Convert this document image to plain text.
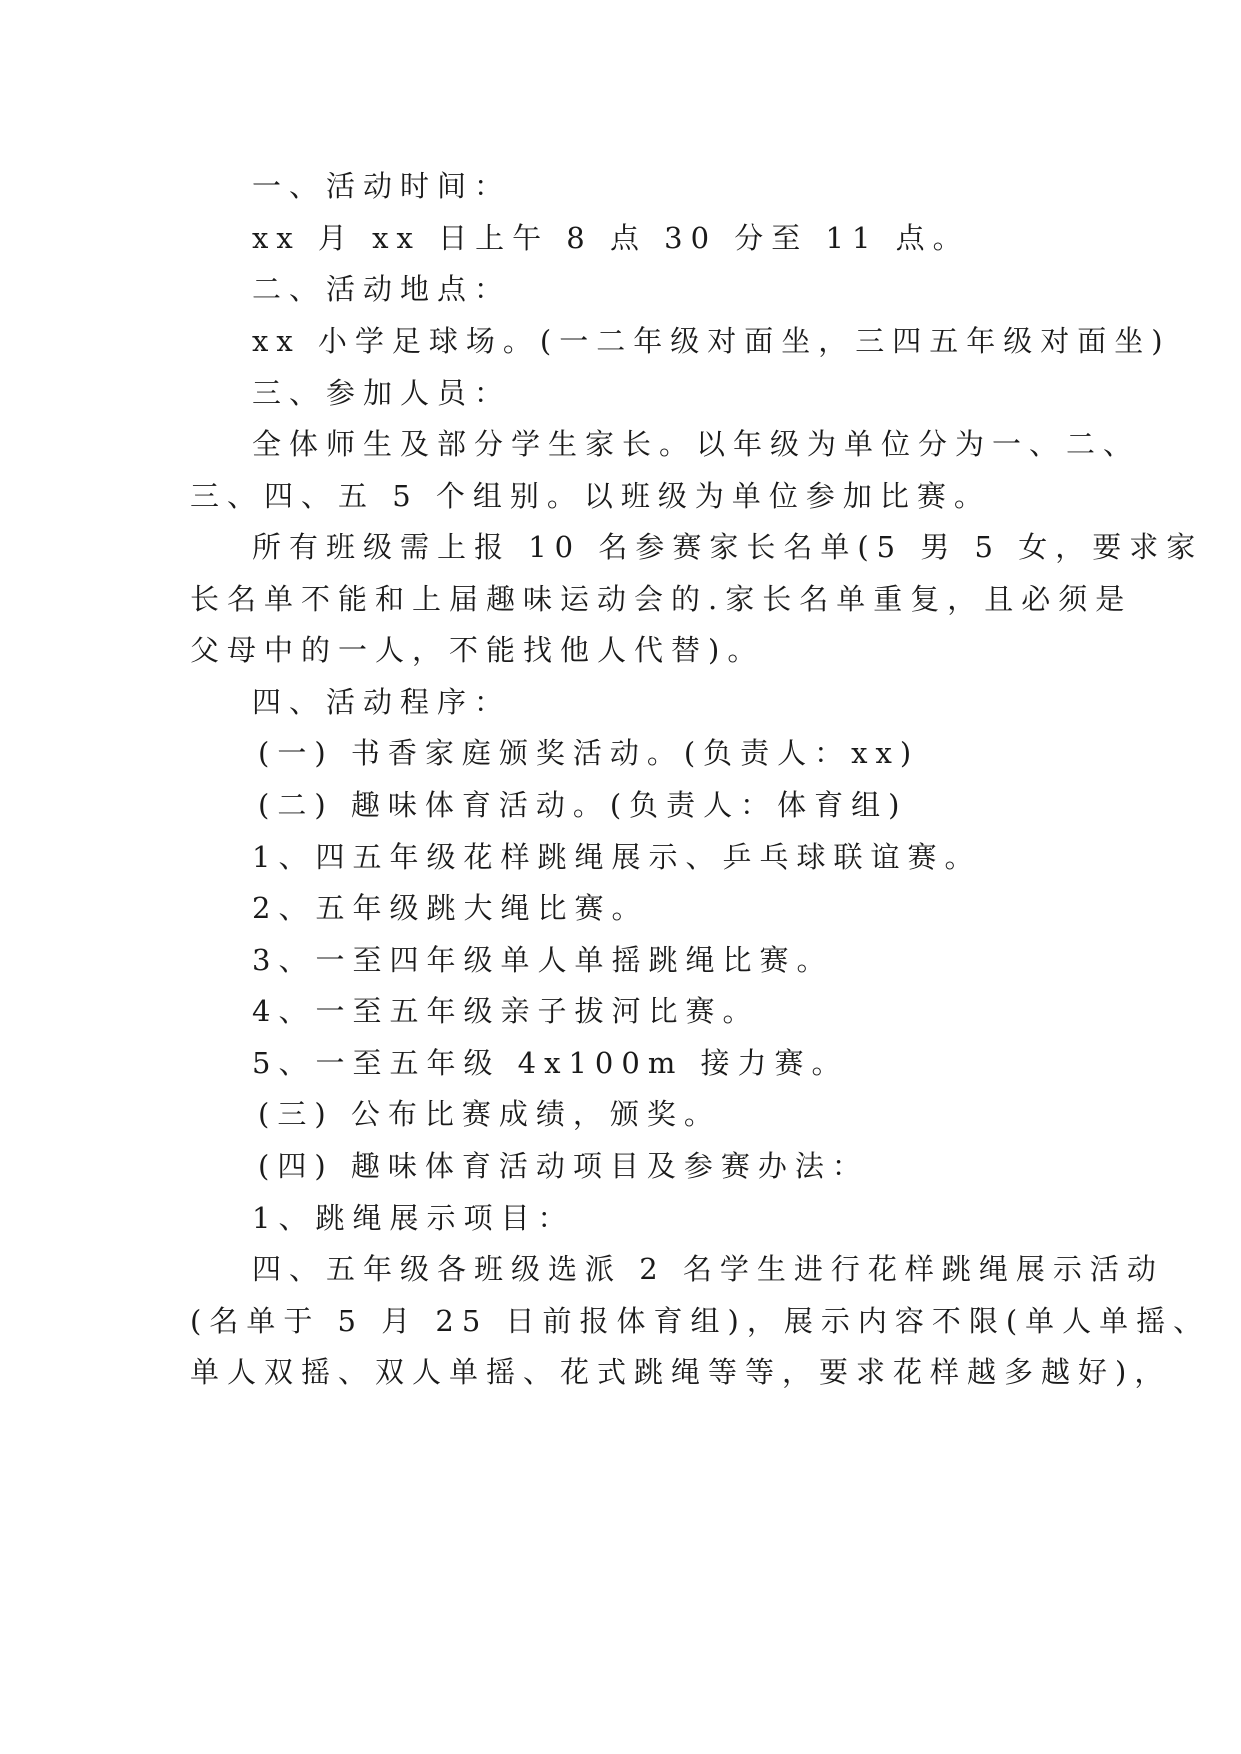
一、活动时间：

xx 月 xx 日上午 8 点 30 分至 11 点。

二、活动地点：

xx 小学足球场。(一二年级对面坐，三四五年级对面坐)

三、参加人员：

全体师生及部分学生家长。以年级为单位分为一、二、

三、四、五 5 个组别。以班级为单位参加比赛。

所有班级需上报 10 名参赛家长名单(5 男 5 女，要求家

长名单不能和上届趣味运动会的.家长名单重复，且必须是

父母中的一人，不能找他人代替)。

四、活动程序：

(一) 书香家庭颁奖活动。(负责人：xx)

(二) 趣味体育活动。(负责人：体育组)

1、四五年级花样跳绳展示、乒乓球联谊赛。

2、五年级跳大绳比赛。

3、一至四年级单人单摇跳绳比赛。

4、一至五年级亲子拔河比赛。

5、一至五年级 4x100m 接力赛。

(三) 公布比赛成绩，颁奖。

(四) 趣味体育活动项目及参赛办法：

1、跳绳展示项目：

四、五年级各班级选派 2 名学生进行花样跳绳展示活动

(名单于 5 月 25 日前报体育组)，展示内容不限(单人单摇、

单人双摇、双人单摇、花式跳绳等等，要求花样越多越好)，
